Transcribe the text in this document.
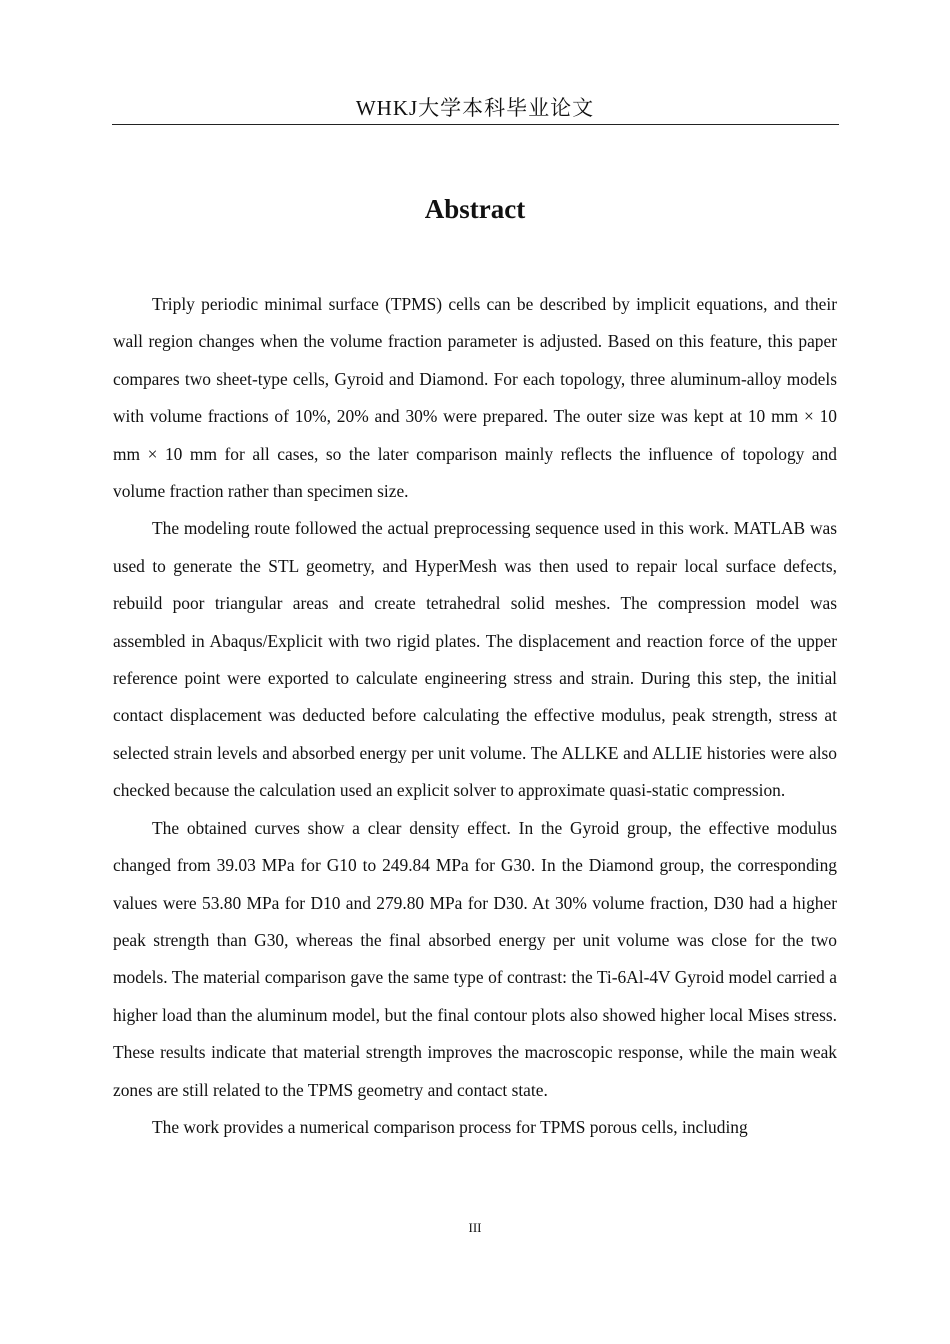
WHKJ大学本科毕业论文
Abstract

Triply periodic minimal surface (TPMS) cells can be described by implicit equations, and their wall region changes when the volume fraction parameter is adjusted. Based on this feature, this paper compares two sheet-type cells, Gyroid and Diamond. For each topology, three aluminum-alloy models with volume fractions of 10%, 20% and 30% were prepared. The outer size was kept at 10 mm × 10 mm × 10 mm for all cases, so the later comparison mainly reflects the influence of topology and volume fraction rather than specimen size.

The modeling route followed the actual preprocessing sequence used in this work. MATLAB was used to generate the STL geometry, and HyperMesh was then used to repair local surface defects, rebuild poor triangular areas and create tetrahedral solid meshes. The compression model was assembled in Abaqus/Explicit with two rigid plates. The displacement and reaction force of the upper reference point were exported to calculate engineering stress and strain. During this step, the initial contact displacement was deducted before calculating the effective modulus, peak strength, stress at selected strain levels and absorbed energy per unit volume. The ALLKE and ALLIE histories were also checked because the calculation used an explicit solver to approximate quasi-static compression.

The obtained curves show a clear density effect. In the Gyroid group, the effective modulus changed from 39.03 MPa for G10 to 249.84 MPa for G30. In the Diamond group, the corresponding values were 53.80 MPa for D10 and 279.80 MPa for D30. At 30% volume fraction, D30 had a higher peak strength than G30, whereas the final absorbed energy per unit volume was close for the two models. The material comparison gave the same type of contrast: the Ti-6Al-4V Gyroid model carried a higher load than the aluminum model, but the final contour plots also showed higher local Mises stress. These results indicate that material strength improves the macroscopic response, while the main weak zones are still related to the TPMS geometry and contact state.

The work provides a numerical comparison process for TPMS porous cells, including

III
